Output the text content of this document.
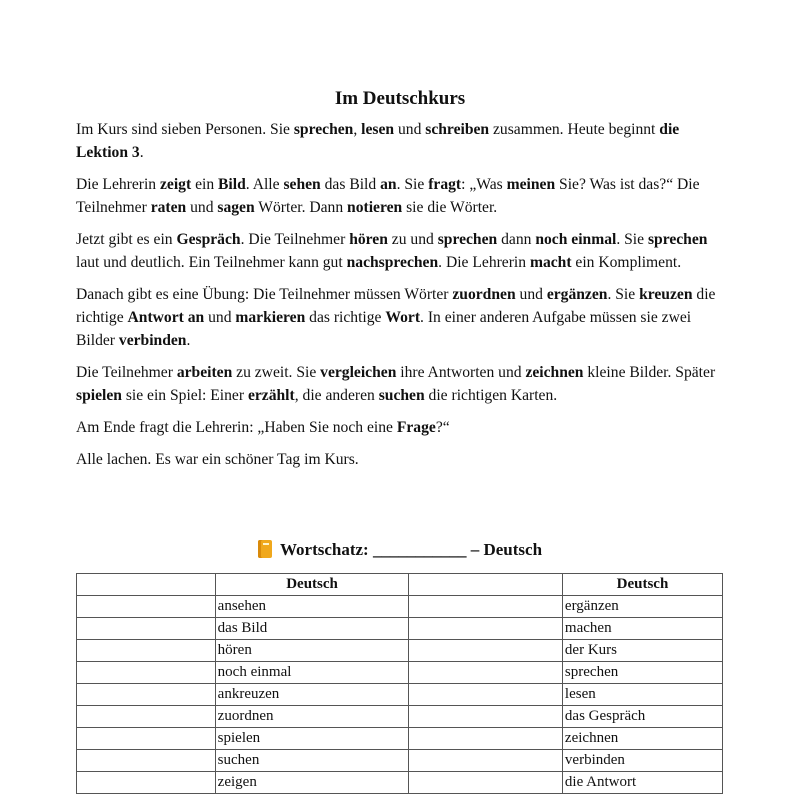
Im Deutschkurs

Im Kurs sind sieben Personen. Sie sprechen, lesen und schreiben zusammen. Heute beginnt die Lektion 3.

Die Lehrerin zeigt ein Bild. Alle sehen das Bild an. Sie fragt: „Was meinen Sie? Was ist das?“ Die Teilnehmer raten und sagen Wörter. Dann notieren sie die Wörter.

Jetzt gibt es ein Gespräch. Die Teilnehmer hören zu und sprechen dann noch einmal. Sie sprechen laut und deutlich. Ein Teilnehmer kann gut nachsprechen. Die Lehrerin macht ein Kompliment.

Danach gibt es eine Übung: Die Teilnehmer müssen Wörter zuordnen und ergänzen. Sie kreuzen die richtige Antwort an und markieren das richtige Wort. In einer anderen Aufgabe müssen sie zwei Bilder verbinden.

Die Teilnehmer arbeiten zu zweit. Sie vergleichen ihre Antworten und zeichnen kleine Bilder. Später spielen sie ein Spiel: Einer erzählt, die anderen suchen die richtigen Karten.

Am Ende fragt die Lehrerin: „Haben Sie noch eine Frage?“

Alle lachen. Es war ein schöner Tag im Kurs.

Wortschatz: ___________ – Deutsch
	Deutsch		Deutsch
	ansehen		ergänzen
	das Bild		machen
	hören		der Kurs
	noch einmal		sprechen
	ankreuzen		lesen
	zuordnen		das Gespräch
	spielen		zeichnen
	suchen		verbinden
	zeigen		die Antwort
